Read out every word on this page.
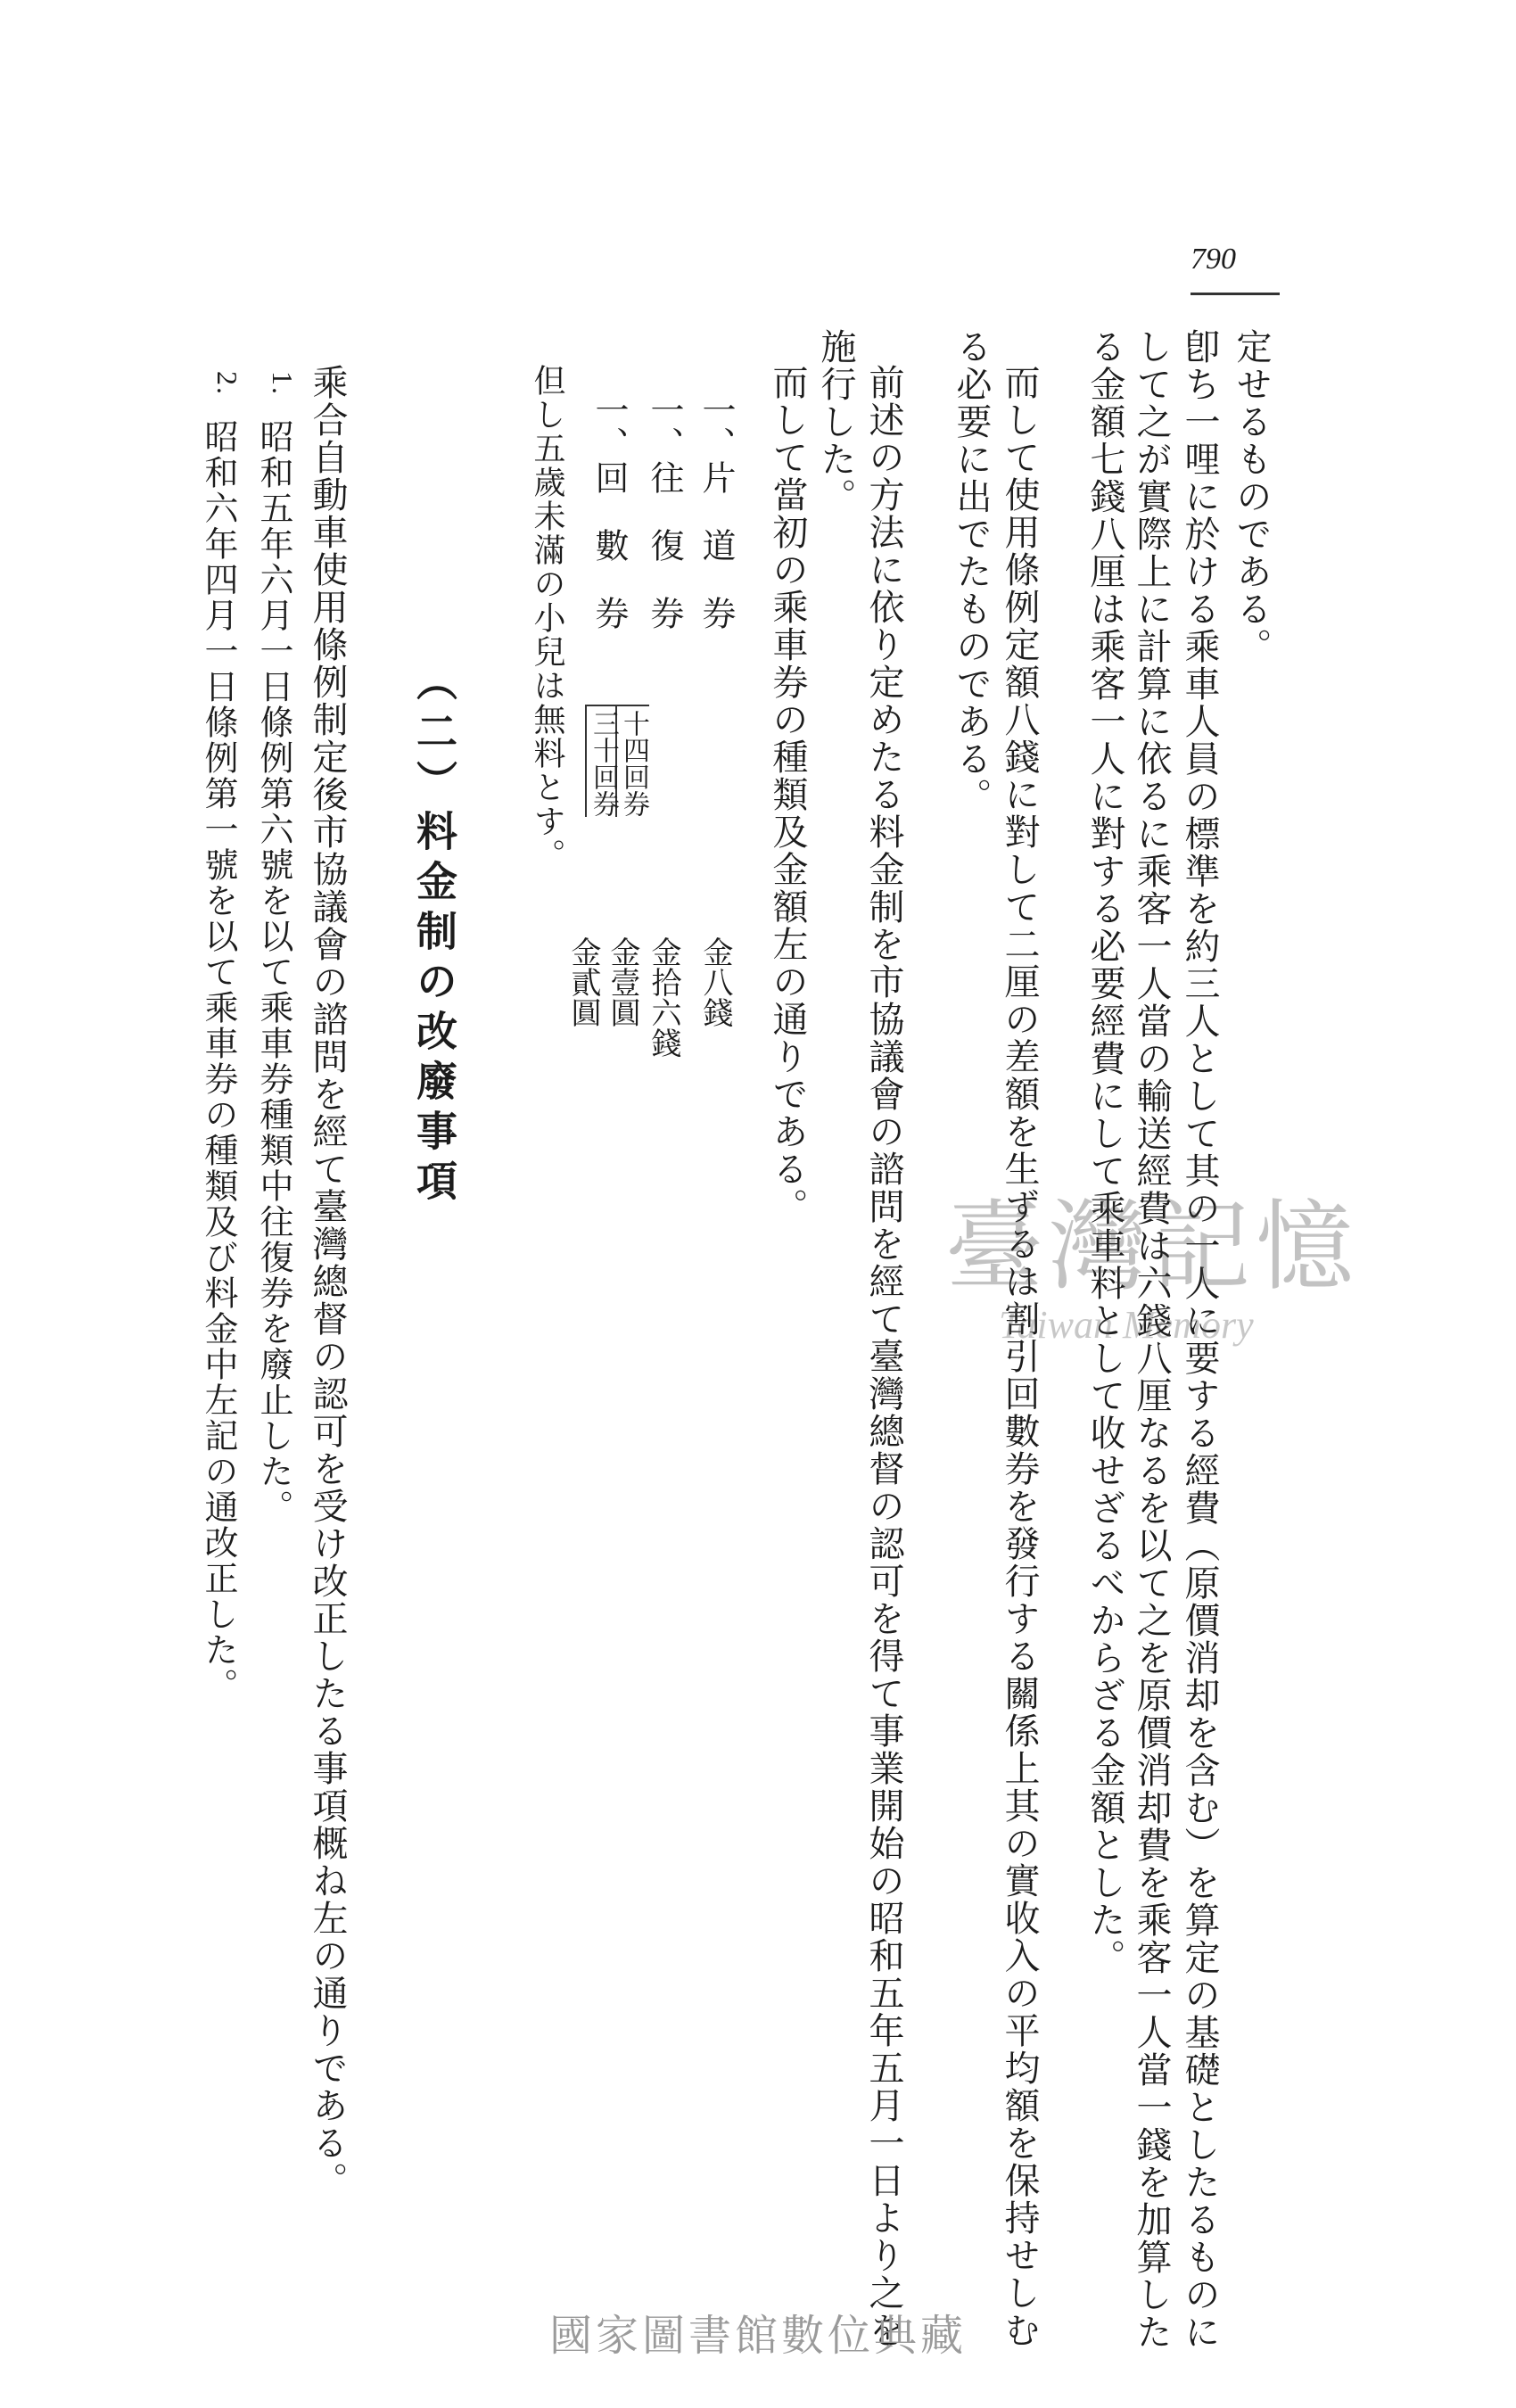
790
定せるものである。
卽ち一哩に於ける乘車人員の標準を約三人として其の一人に要する經費（原價消却を含む）を算定の基礎としたるものに
して之が實際上に計算に依るに乘客一人當の輸送經費は六錢八厘なるを以て之を原價消却費を乘客一人當一錢を加算した
る金額七錢八厘は乘客一人に對する必要經費にして乘車料として收せざるべからざる金額とした。
而して使用條例定額八錢に對して二厘の差額を生ずるは割引回數券を發行する關係上其の實收入の平均額を保持せしむ
る必要に出でたものである。
前述の方法に依り定めたる料金制を市協議會の諮問を經て臺灣總督の認可を得て事業開始の昭和五年五月一日より之を
施行した。
而して當初の乘車券の種類及金額左の通りである。
一、片　道　券
金八錢
一、往　復　券
金拾六錢
一、回　數　券
十四回券
三十回券
金壹圓
金貳圓
但し五歲未滿の小兒は無料とす。
（二）料金制の改廢事項
乘合自動車使用條例制定後市協議會の諮問を經て臺灣總督の認可を受け改正したる事項概ね左の通りである。
1.
昭和五年六月一日條例第六號を以て乘車券種類中往復券を廢止した。
2.
昭和六年四月一日條例第一號を以て乘車券の種類及び料金中左記の通改正した。	臺灣記憶
Taiwan Memory
國家圖書館數位典藏
